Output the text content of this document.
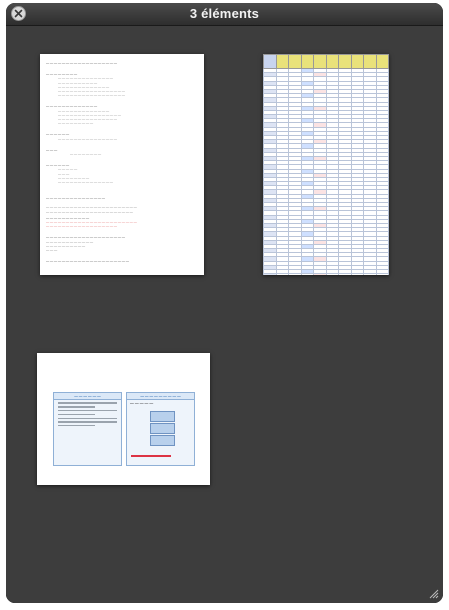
3 éléments
— — — — — — — — — — — — — — — — — —
— — — — — — — —
— — — — — — — — — — — — — —
— — — — — — — — — —
— — — — — — — — — — — — —
— — — — — — — — — — — — — — — — —
— — — — — — — — — — — — — — — — —
— — — — — — — — — — — — —
— — — — — — — — — — — — —
— — — — — — — — — — — — — — — —
— — — — — — — — — — — — — — —
— — — — — — — — —
— — — — — —
— — — — — — — — — — — — — — —
— — —
— — — — — — — —
— — — — — —
— — — — —
— — —
— — — — — — — —
— — — — — — — — — — — — — —
— — — — — — — — — — — — — — —
— — — — — — — — — — — — — — — — — — — — — — —
— — — — — — — — — — — — — — — — — — — — — —
— — — — — — — — — — —
— — — — — — — — — — — — — — — — — — — — — — —
— — — — — — — — — — — — — — — — — —
— — — — — — — — — — — — — — — — — — — —
— — — — — — — — — — — —
— — — — — — — — — —
— — —
— — — — — — — — — — — — — — — — — — — — —

— — — — — —	— — — — — — — — —
— — — — —
